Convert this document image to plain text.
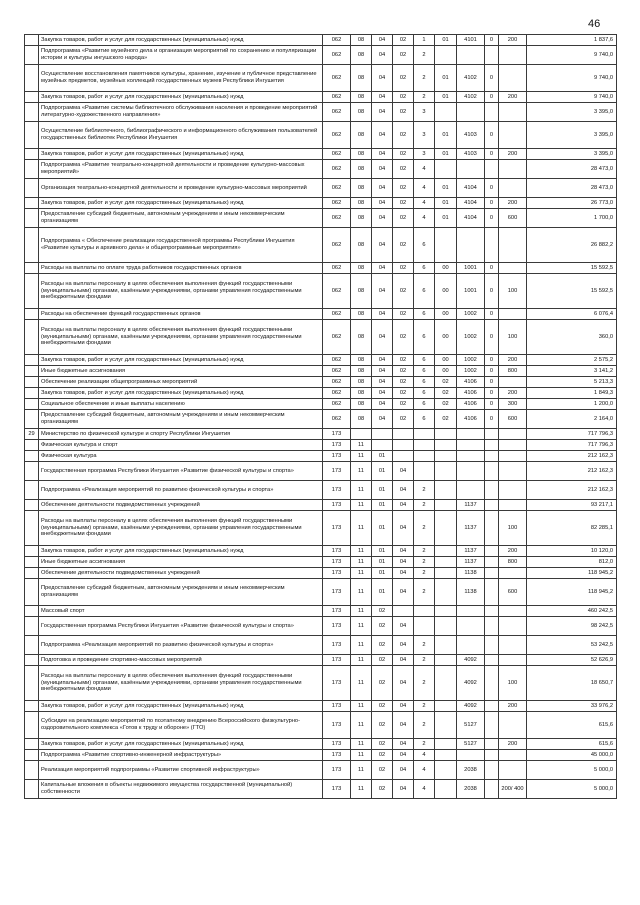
46
	Закупка товаров, работ и услуг для государственных (муниципальных) нужд	062	08	04	02	1	01	4101	0	200	1 837,6
	Подпрограмма «Развитие музейного дела и организация мероприятий по сохранению и популяризации истории и культуры ингушского народа»	062	08	04	02	2					9 740,0
	Осуществление восстановления памятников культуры, хранение, изучение и публичное представление музейных предметов, музейных коллекций государственных музеев Республики Ингушетия	062	08	04	02	2	01	4102	0		9 740,0
	Закупка товаров, работ и услуг для государственных (муниципальных) нужд	062	08	04	02	2	01	4102	0	200	9 740,0
	Подпрограмма «Развитие системы библиотечного обслуживания населения и проведение мероприятий литературно-художественного направления»	062	08	04	02	3					3 395,0
	Осуществление библиотечного, библиографического и информационного обслуживания пользователей государственных библиотек Республики Ингушетия	062	08	04	02	3	01	4103	0		3 395,0
	Закупка товаров, работ и услуг для государственных (муниципальных) нужд	062	08	04	02	3	01	4103	0	200	3 395,0
	Подпрограмма «Развитие театрально-концертной деятельности и проведение культурно-массовых мероприятий»	062	08	04	02	4					28 473,0
	Организация театрально-концертной деятельности и проведение культурно-массовых мероприятий	062	08	04	02	4	01	4104	0		28 473,0
	Закупка товаров, работ и услуг для государственных (муниципальных) нужд	062	08	04	02	4	01	4104	0	200	26 773,0
	Предоставление субсидий бюджетным, автономным учреждениям и иным некоммерческим организациям	062	08	04	02	4	01	4104	0	600	1 700,0
	Подпрограмма « Обеспечение реализации государственной программы Республики Ингушетия «Развитие культуры и архивного дела» и общепрограммные мероприятия»	062	08	04	02	6					26 882,2
	Расходы на выплаты по оплате труда работников государственных органов	062	08	04	02	6	00	1001	0		15 592,5
	Расходы на выплаты персоналу в целях обеспечения выполнения функций государственными (муниципальными) органами, казёнными учреждениями, органами управления государственными внебюджетными фондами	062	08	04	02	6	00	1001	0	100	15 592,5
	Расходы на обеспечение функций государственных органов	062	08	04	02	6	00	1002	0		6 076,4
	Расходы на выплаты персоналу в целях обеспечения выполнения функций государственными (муниципальными) органами, казёнными учреждениями, органами управления государственными внебюджетными фондами	062	08	04	02	6	00	1002	0	100	360,0
	Закупка товаров, работ и услуг для государственных (муниципальных) нужд	062	08	04	02	6	00	1002	0	200	2 575,2
	Иные бюджетные ассигнования	062	08	04	02	6	00	1002	0	800	3 141,2
	Обеспечение реализации общепрограммных мероприятий	062	08	04	02	6	02	4106	0		5 213,3
	Закупка товаров, работ и услуг для государственных (муниципальных) нужд	062	08	04	02	6	02	4106	0	200	1 849,3
	Социальное обеспечение и иные выплаты населению	062	08	04	02	6	02	4106	0	300	1 200,0
	Предоставление субсидий бюджетным, автономным учреждениям и иным некоммерческим организациям	062	08	04	02	6	02	4106	0	600	2 164,0
29	Министерство по физической культуре и спорту Республики Ингушетия	173									717 796,3
	Физическая культура и спорт	173	11								717 796,3
	Физическая культура	173	11	01							212 162,3
	Государственная программа Республики Ингушетия «Развитие физической культуры и спорта»	173	11	01	04						212 162,3
	Подпрограмма «Реализация мероприятий по развитию физической культуры и спорта»	173	11	01	04	2					212 162,3
	Обеспечение деятельности подведомственных учреждений	173	11	01	04	2		1137			93 217,1
	Расходы на выплаты персоналу в целях обеспечения выполнения функций государственными (муниципальными) органами, казёнными учреждениями, органами управления государственными внебюджетными фондами	173	11	01	04	2		1137		100	82 285,1
	Закупка товаров, работ и услуг для государственных (муниципальных) нужд	173	11	01	04	2		1137		200	10 120,0
	Иные бюджетные ассигнования	173	11	01	04	2		1137		800	812,0
	Обеспечение деятельности подведомственных учреждений	173	11	01	04	2		1138			118 945,2
	Предоставление субсидий бюджетным, автономным учреждениям и иным некоммерческим организациям	173	11	01	04	2		1138		600	118 945,2
	Массовый спорт	173	11	02							460 242,5
	Государственная программа Республики Ингушетия «Развитие физической культуры и спорта»	173	11	02	04						98 242,5
	Подпрограмма «Реализация мероприятий по развитию физической культуры и спорта»	173	11	02	04	2					53 242,5
	Подготовка и проведение спортивно-массовых мероприятий	173	11	02	04	2		4092			52 626,9
	Расходы на выплаты персоналу в целях обеспечения выполнения функций государственными (муниципальными) органами, казёнными учреждениями, органами управления государственными внебюджетными фондами	173	11	02	04	2		4092		100	18 650,7
	Закупка товаров, работ и услуг для государственных (муниципальных) нужд	173	11	02	04	2		4092		200	33 976,2
	Субсидии на реализацию мероприятий по поэтапному внедрению Всероссийского физкультурно-оздоровительного комплекса «Готов к труду и обороне» (ГТО)	173	11	02	04	2		5127			615,6
	Закупка товаров, работ и услуг для государственных (муниципальных) нужд	173	11	02	04	2		5127		200	615,6
	Подпрограмма «Развитие спортивно-инженерной инфраструктуры»	173	11	02	04	4					45 000,0
	Реализация мероприятий подпрограммы «Развитие спортивной инфраструктуры»	173	11	02	04	4		2038			5 000,0
	Капитальные вложения в объекты недвижимого имущества государственной (муниципальной) собственности	173	11	02	04	4		2038		200/ 400	5 000,0
